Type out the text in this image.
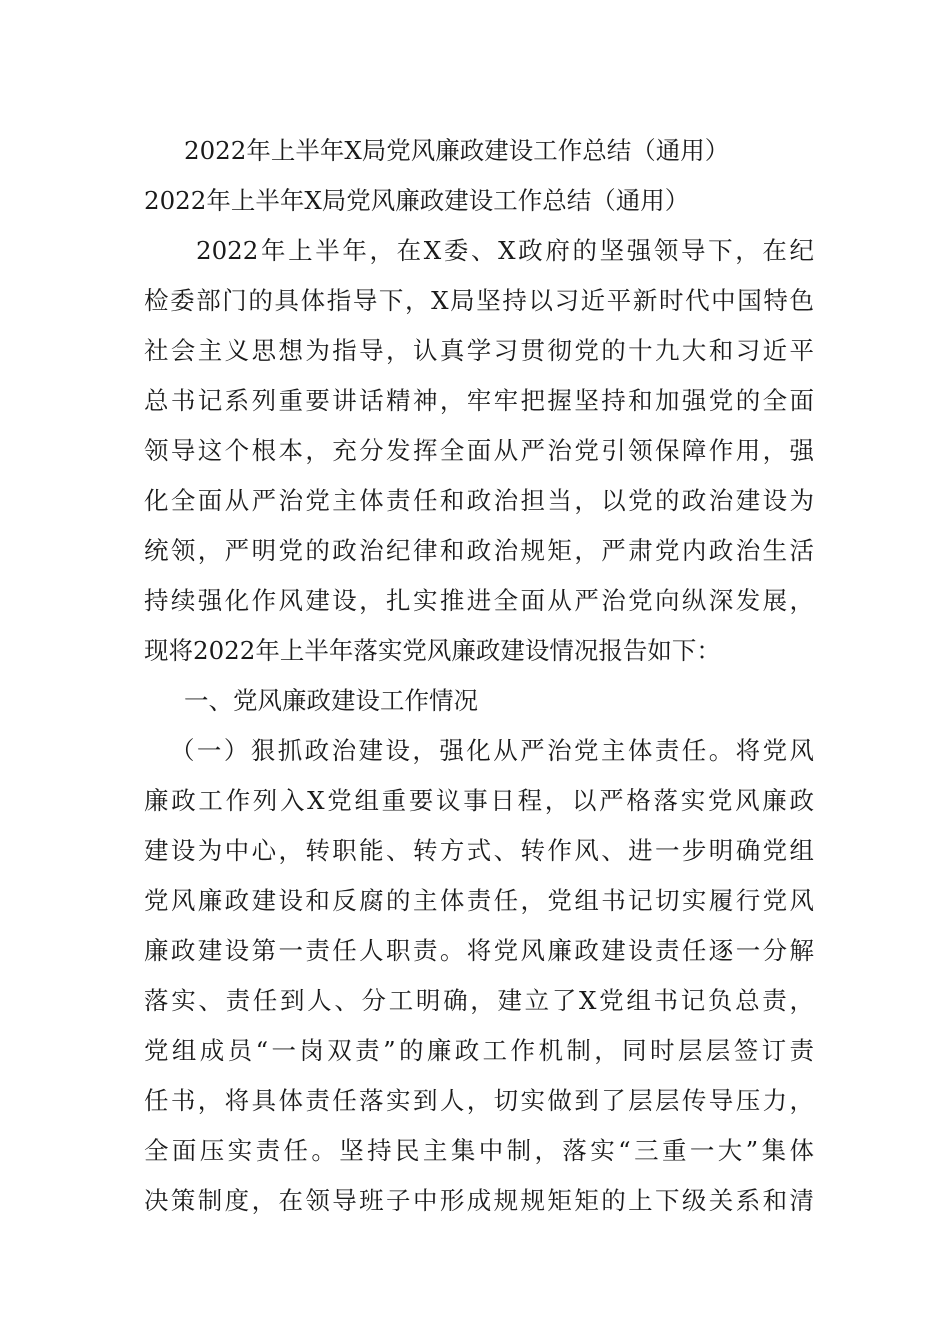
2022年上半年X局党风廉政建设工作总结（通用）
2022年上半年X局党风廉政建设工作总结（通用）
2022年上半年，在X委、X政府的坚强领导下，在纪
检委部门的具体指导下，X局坚持以习近平新时代中国特色
社会主义思想为指导，认真学习贯彻党的十九大和习近平
总书记系列重要讲话精神，牢牢把握坚持和加强党的全面
领导这个根本，充分发挥全面从严治党引领保障作用，强
化全面从严治党主体责任和政治担当，以党的政治建设为
统领，严明党的政治纪律和政治规矩，严肃党内政治生活
持续强化作风建设，扎实推进全面从严治党向纵深发展，
现将2022年上半年落实党风廉政建设情况报告如下：
一、党风廉政建设工作情况
（一）狠抓政治建设，强化从严治党主体责任。将党风
廉政工作列入X党组重要议事日程，以严格落实党风廉政
建设为中心，转职能、转方式、转作风、进一步明确党组
党风廉政建设和反腐的主体责任，党组书记切实履行党风
廉政建设第一责任人职责。将党风廉政建设责任逐一分解
落实、责任到人、分工明确，建立了X党组书记负总责，
党组成员“一岗双责”的廉政工作机制，同时层层签订责
任书，将具体责任落实到人，切实做到了层层传导压力，
全面压实责任。坚持民主集中制，落实“三重一大”集体
决策制度，在领导班子中形成规规矩矩的上下级关系和清
